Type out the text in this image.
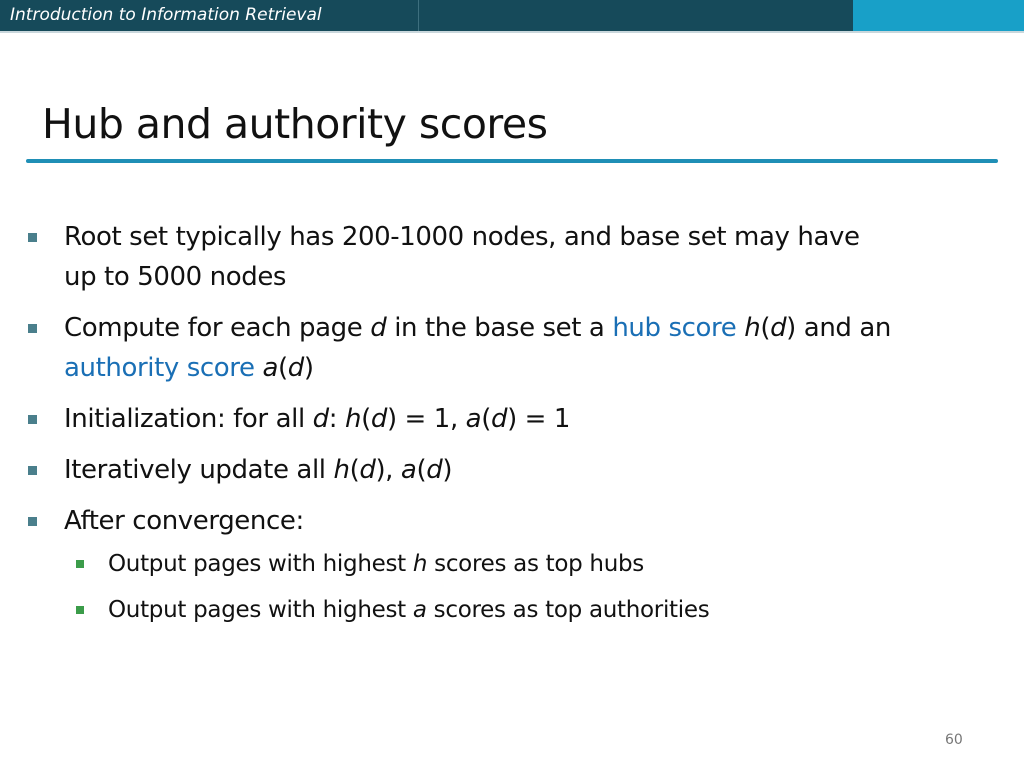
Introduction to Information Retrieval
Hub and authority scores
Root set typically has 200-1000 nodes, and base set may have
up to 5000 nodes
Compute for each page d in the base set a hub score h(d) and an
authority score a(d)
Initialization: for all d: h(d) = 1, a(d) = 1
Iteratively update all h(d), a(d)
After convergence:
Output pages with highest h scores as top hubs
Output pages with highest a scores as top authorities
60
